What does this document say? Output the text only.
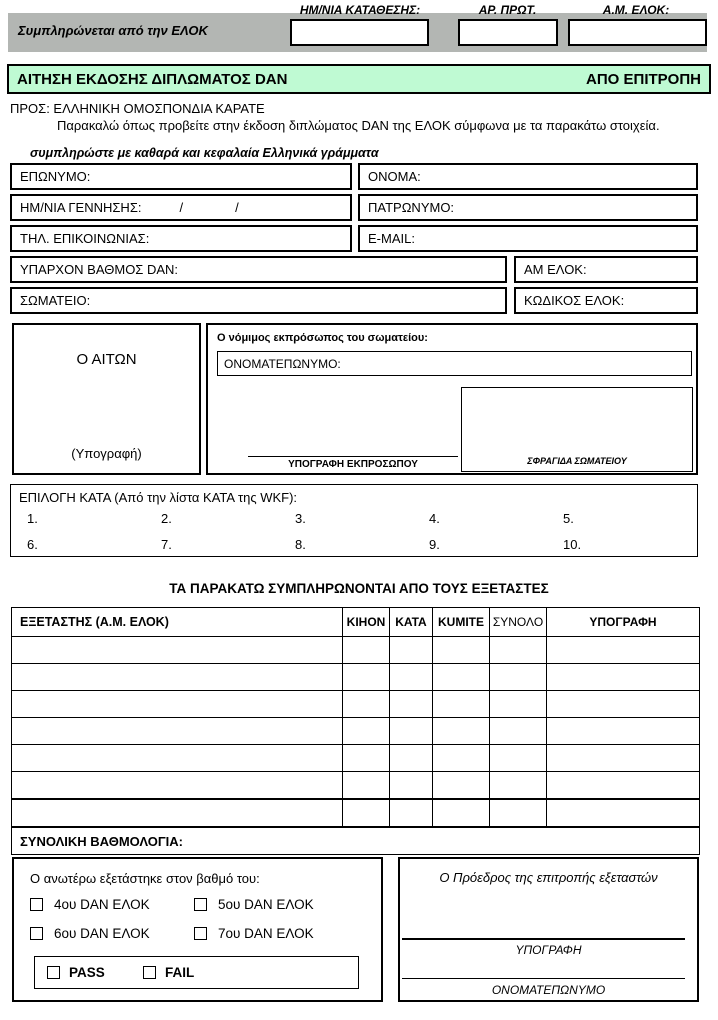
Συμπληρώνεται από την ΕΛΟΚ
ΗΜ/ΝΙΑ ΚΑΤΑΘΕΣΗΣ:	ΑΡ. ΠΡΩΤ.	Α.Μ. ΕΛΟΚ:
ΑΙΤΗΣΗ ΕΚΔΟΣΗΣ ΔΙΠΛΩΜΑΤΟΣ DAN	ΑΠΟ ΕΠΙΤΡΟΠΗ
ΠΡΟΣ: ΕΛΛΗΝΙΚΗ ΟΜΟΣΠΟΝΔΙΑ ΚΑΡΑΤΕ
Παρακαλώ όπως προβείτε στην έκδοση διπλώματος DAN της ΕΛΟΚ σύμφωνα με τα παρακάτω στοιχεία.
συμπληρώστε με καθαρά και κεφαλαία Ελληνικά γράμματα
ΕΠΩΝΥΜΟ:	ΟΝΟΜΑ:
ΗΜ/ΝΙΑ ΓΕΝΝΗΣΗΣ:	/	/	ΠΑΤΡΩΝΥΜΟ:
ΤΗΛ. ΕΠΙΚΟΙΝΩΝΙΑΣ:	E-MAIL:
ΥΠΑΡΧΟΝ ΒΑΘΜΟΣ DAN:	ΑΜ ΕΛΟΚ:
ΣΩΜΑΤΕΙΟ:	ΚΩΔΙΚΟΣ ΕΛΟΚ:
Ο ΑΙΤΩΝ
(Υπογραφή)
Ο νόμιμος εκπρόσωπος του σωματείου:
ΟΝΟΜΑΤΕΠΩΝΥΜΟ:
ΥΠΟΓΡΑΦΗ ΕΚΠΡΟΣΩΠΟΥ	ΣΦΡΑΓΙΔΑ ΣΩΜΑΤΕΙΟΥ
ΕΠΙΛΟΓΗ ΚΑΤΑ (Από την λίστα ΚΑΤΑ της WKF):
1.	2.	3.	4.	5.
6.	7.	8.	9.	10.
ΤΑ ΠΑΡΑΚΑΤΩ ΣΥΜΠΛΗΡΩΝΟΝΤΑΙ ΑΠΟ ΤΟΥΣ ΕΞΕΤΑΣΤΕΣ
ΕΞΕΤΑΣΤΗΣ (Α.Μ. ΕΛΟΚ)	ΚΙΗΟΝ	ΚΑΤΑ	KUMITE	ΣΥΝΟΛΟ	ΥΠΟΓΡΑΦΗ

ΣΥΝΟΛΙΚΗ ΒΑΘΜΟΛΟΓΙΑ:					
Ο ανωτέρω εξετάστηκε στον βαθμό του:
4ου DAN ΕΛΟΚ	5ου DAN ΕΛΟΚ
6ου DAN ΕΛΟΚ	7ου DAN ΕΛΟΚ
PASS	FAIL
Ο Πρόεδρος της επιτροπής εξεταστών
ΥΠΟΓΡΑΦΗ
ΟΝΟΜΑΤΕΠΩΝΥΜΟ
